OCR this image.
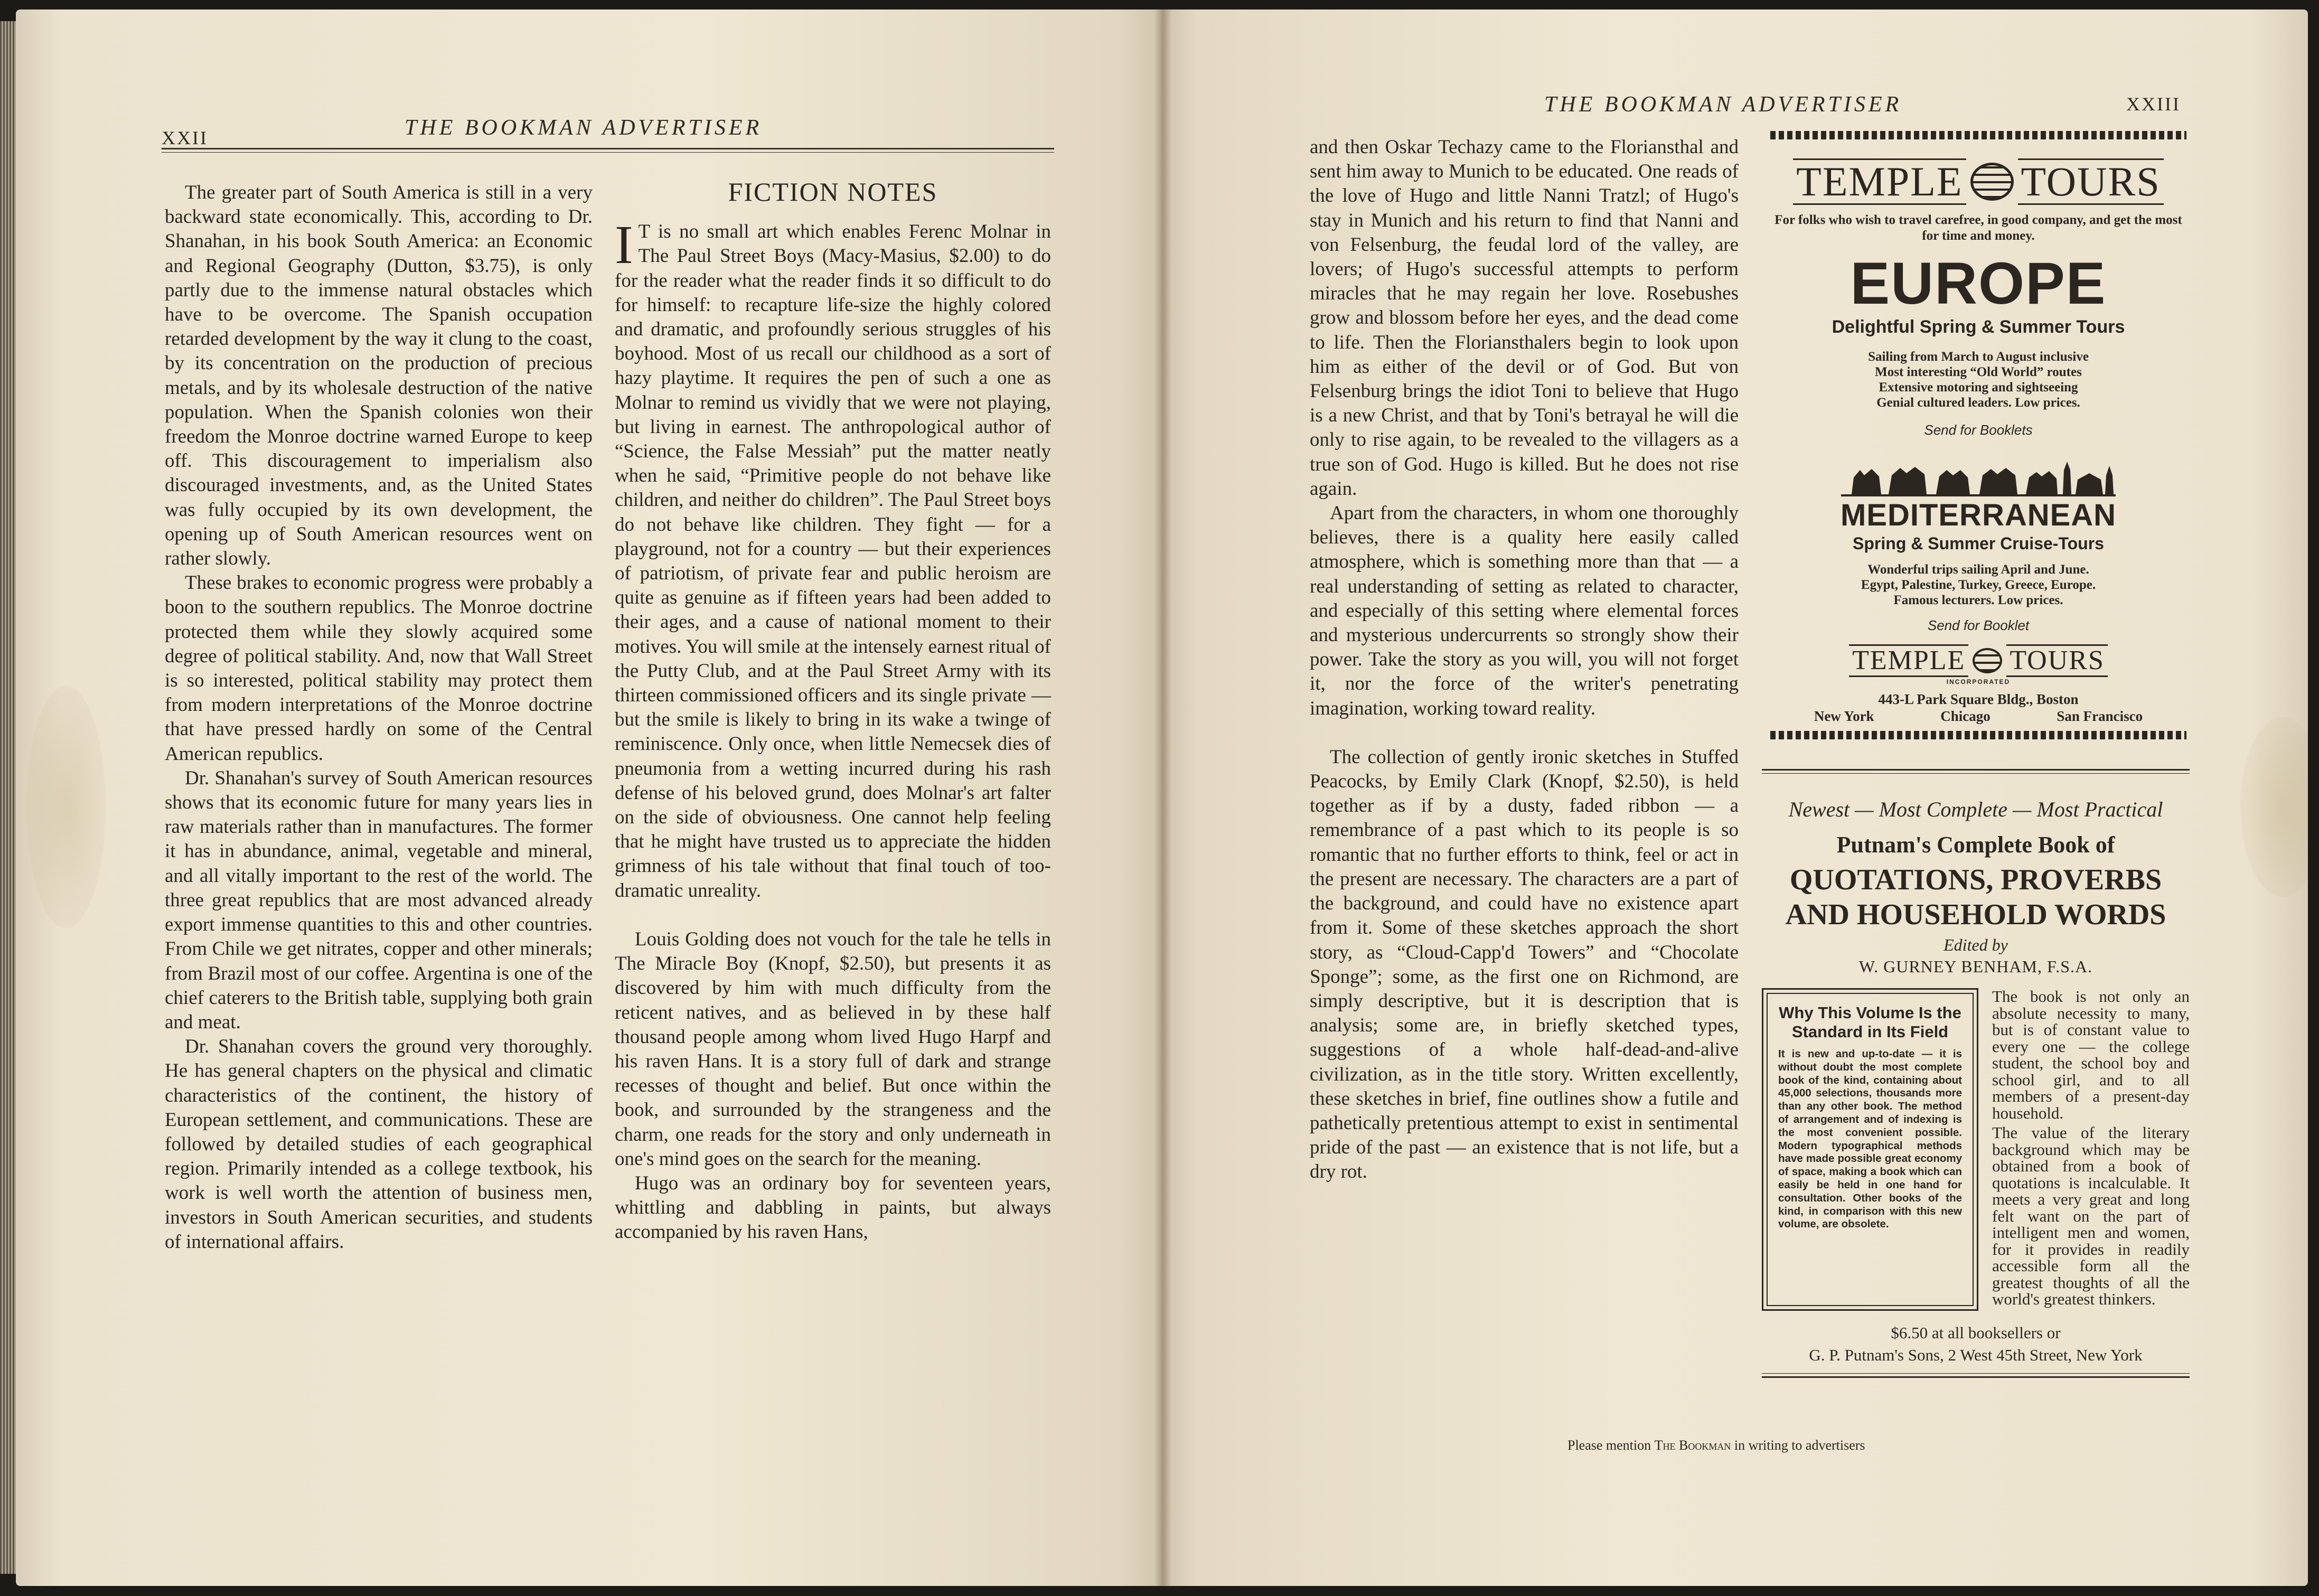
XXII	THE BOOKMAN ADVERTISER

The greater part of South America is still in a very backward state economically. This, according to Dr. Shanahan, in his book South America: an Economic and Regional Geography (Dutton, $3.75), is only partly due to the immense natural obstacles which have to be overcome. The Spanish occupation retarded development by the way it clung to the coast, by its concentration on the production of precious metals, and by its wholesale destruction of the native population. When the Spanish colonies won their freedom the Monroe doctrine warned Europe to keep off. This discouragement to imperialism also discouraged investments, and, as the United States was fully occupied by its own development, the opening up of South American resources went on rather slowly.

These brakes to economic progress were probably a boon to the southern republics. The Monroe doctrine protected them while they slowly acquired some degree of political stability. And, now that Wall Street is so interested, political stability may protect them from modern interpretations of the Monroe doctrine that have pressed hardly on some of the Central American republics.

Dr. Shanahan's survey of South American resources shows that its economic future for many years lies in raw materials rather than in manufactures. The former it has in abundance, animal, vegetable and mineral, and all vitally important to the rest of the world. The three great republics that are most advanced already export immense quantities to this and other countries. From Chile we get nitrates, copper and other minerals; from Brazil most of our coffee. Argentina is one of the chief caterers to the British table, supplying both grain and meat.

Dr. Shanahan covers the ground very thoroughly. He has general chapters on the physical and climatic characteristics of the continent, the history of European settlement, and communications. These are followed by detailed studies of each geographical region. Primarily intended as a college textbook, his work is well worth the attention of business men, investors in South American securities, and students of international affairs.

FICTION NOTES

I T is no small art which enables Ferenc Molnar in The Paul Street Boys (Macy-Masius, $2.00) to do for the reader what the reader finds it so difficult to do for himself: to recapture life-size the highly colored and dramatic, and profoundly serious struggles of his boyhood. Most of us recall our childhood as a sort of hazy playtime. It requires the pen of such a one as Molnar to remind us vividly that we were not playing, but living in earnest. The anthropological author of “Science, the False Messiah” put the matter neatly when he said, “Primitive people do not behave like children, and neither do children”. The Paul Street boys do not behave like children. They fight — for a playground, not for a country — but their experiences of patriotism, of private fear and public heroism are quite as genuine as if fifteen years had been added to their ages, and a cause of national moment to their motives. You will smile at the intensely earnest ritual of the Putty Club, and at the Paul Street Army with its thirteen commissioned officers and its single private — but the smile is likely to bring in its wake a twinge of reminiscence. Only once, when little Nemecsek dies of pneumonia from a wetting incurred during his rash defense of his beloved grund, does Molnar's art falter on the side of obviousness. One cannot help feeling that he might have trusted us to appreciate the hidden grimness of his tale without that final touch of too-dramatic unreality.

Louis Golding does not vouch for the tale he tells in The Miracle Boy (Knopf, $2.50), but presents it as discovered by him with much difficulty from the reticent natives, and as believed in by these half thousand people among whom lived Hugo Harpf and his raven Hans. It is a story full of dark and strange recesses of thought and belief. But once within the book, and surrounded by the strangeness and the charm, one reads for the story and only underneath in one's mind goes on the search for the meaning.

Hugo was an ordinary boy for seventeen years, whittling and dabbling in paints, but always accompanied by his raven Hans,

THE BOOKMAN ADVERTISER	XXIII

and then Oskar Techazy came to the Floriansthal and sent him away to Munich to be educated. One reads of the love of Hugo and little Nanni Tratzl; of Hugo's stay in Munich and his return to find that Nanni and von Felsenburg, the feudal lord of the valley, are lovers; of Hugo's successful attempts to perform miracles that he may regain her love. Rosebushes grow and blossom before her eyes, and the dead come to life. Then the Floriansthalers begin to look upon him as either of the devil or of God. But von Felsenburg brings the idiot Toni to believe that Hugo is a new Christ, and that by Toni's betrayal he will die only to rise again, to be revealed to the villagers as a true son of God. Hugo is killed. But he does not rise again.

Apart from the characters, in whom one thoroughly believes, there is a quality here easily called atmosphere, which is something more than that — a real understanding of setting as related to character, and especially of this setting where elemental forces and mysterious undercurrents so strongly show their power. Take the story as you will, you will not forget it, nor the force of the writer's penetrating imagination, working toward reality.

The collection of gently ironic sketches in Stuffed Peacocks, by Emily Clark (Knopf, $2.50), is held together as if by a dusty, faded ribbon — a remembrance of a past which to its people is so romantic that no further efforts to think, feel or act in the present are necessary. The characters are a part of the background, and could have no existence apart from it. Some of these sketches approach the short story, as “Cloud-Capp'd Towers” and “Chocolate Sponge”; some, as the first one on Richmond, are simply descriptive, but it is description that is analysis; some are, in briefly sketched types, suggestions of a whole half-dead-and-alive civilization, as in the title story. Written excellently, these sketches in brief, fine outlines show a futile and pathetically pretentious attempt to exist in sentimental pride of the past — an existence that is not life, but a dry rot.

TEMPLE TOURS
For folks who wish to travel carefree, in good company, and get the most for time and money.
EUROPE
Delightful Spring & Summer Tours
Sailing from March to August inclusive
Most interesting “Old World” routes
Extensive motoring and sightseeing
Genial cultured leaders. Low prices.
Send for Booklets
MEDITERRANEAN
Spring & Summer Cruise-Tours
Wonderful trips sailing April and June.
Egypt, Palestine, Turkey, Greece, Europe.
Famous lecturers. Low prices.
Send for Booklet
TEMPLE TOURS
INCORPORATED
443-L Park Square Bldg., Boston
New York	Chicago	San Francisco
Newest — Most Complete — Most Practical
Putnam's Complete Book of
QUOTATIONS, PROVERBS
AND HOUSEHOLD WORDS
Edited by
W. GURNEY BENHAM, F.S.A.
Why This Volume Is the Standard in Its Field

It is new and up-to-date — it is without doubt the most complete book of the kind, containing about 45,000 selections, thousands more than any other book. The method of arrangement and of indexing is the most convenient possible. Modern typographical methods have made possible great economy of space, making a book which can easily be held in one hand for consultation. Other books of the kind, in comparison with this new volume, are obsolete.

The book is not only an absolute necessity to many, but is of constant value to every one — the college student, the school boy and school girl, and to all members of a present-day household.

The value of the literary background which may be obtained from a book of quotations is incalculable. It meets a very great and long felt want on the part of intelligent men and women, for it provides in readily accessible form all the greatest thoughts of all the world's greatest thinkers.

$6.50 at all booksellers or
G. P. Putnam's Sons, 2 West 45th Street, New York
Please mention The Bookman in writing to advertisers
